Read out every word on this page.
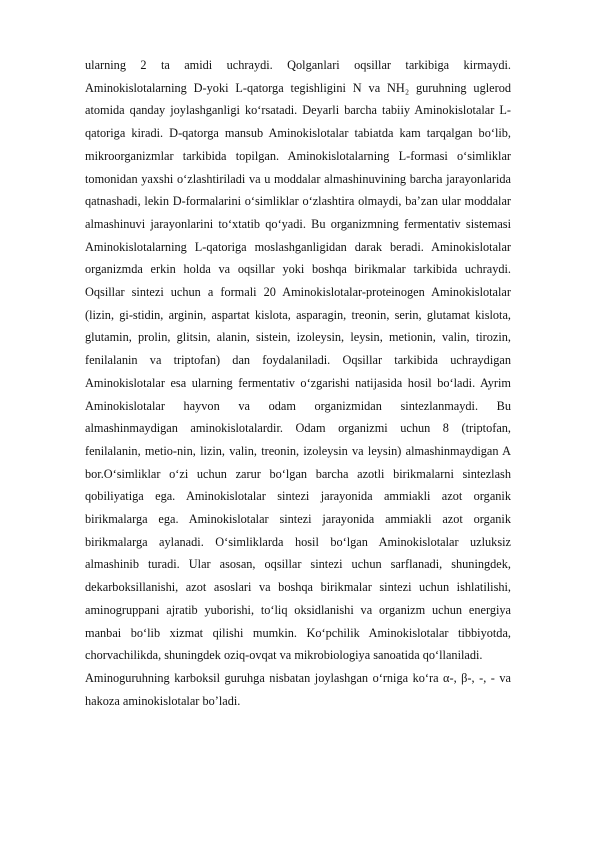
ularning 2 ta amidi uchraydi. Qolganlari oqsillar tarkibiga kirmaydi. Aminokislotalarning D-yoki L-qatorga tegishligini N va NH₂ guruhning uglerod atomida qanday joylashganligi ko‘rsatadi. Deyarli barcha tabiiy Aminokislotalar L-qatoriga kiradi. D-qatorga mansub Aminokislotalar tabiatda kam tarqalgan bo‘lib, mikroorganizmlar tarkibida topilgan. Aminokislotalarning L-formasi o‘simliklar tomonidan yaxshi o‘zlashtiriladi va u moddalar almashinuvining barcha jarayonlarida qatnashadi, lekin D-formalarini o‘simliklar o‘zlashtira olmaydi, ba’zan ular moddalar almashinuvi jarayonlarini to‘xtatib qo‘yadi. Bu organizmning fermentativ sistemasi Aminokislotalarning L-qatoriga moslashganligidan darak beradi. Aminokislotalar organizmda erkin holda va oqsillar yoki boshqa birikmalar tarkibida uchraydi. Oqsillar sintezi uchun a formali 20 Aminokislotalar-proteinogen Aminokislotalar (lizin, gi-stidin, arginin, aspartat kislota, asparagin, treonin, serin, glutamat kislota, glutamin, prolin, glitsin, alanin, sistein, izoleysin, leysin, metionin, valin, tirozin, fenilalanin va triptofan) dan foydalaniladi. Oqsillar tarkibida uchraydigan Aminokislotalar esa ularning fermentativ o‘zgarishi natijasida hosil bo‘ladi. Ayrim Aminokislotalar hayvon va odam organizmidan sintezlanmaydi. Bu almashinmaydigan aminokislotalardir. Odam organizmi uchun 8 (triptofan, fenilalanin, metio-nin, lizin, valin, treonin, izoleysin va leysin) almashinmaydigan A bor.O‘simliklar o‘zi uchun zarur bo‘lgan barcha azotli birikmalarni sintezlash qobiliyatiga ega. Aminokislotalar sintezi jarayonida ammiakli azot organik birikmalarga ega. Aminokislotalar sintezi jarayonida ammiakli azot organik birikmalarga aylanadi. O‘simliklarda hosil bo‘lgan Aminokislotalar uzluksiz almashinib turadi. Ular asosan, oqsillar sintezi uchun sarflanadi, shuningdek, dekarboksillanishi, azot asoslari va boshqa birikmalar sintezi uchun ishlatilishi, aminogruppani ajratib yuborishi, to‘liq oksidlanishi va organizm uchun energiya manbai bo‘lib xizmat qilishi mumkin. Ko‘pchilik Aminokislotalar tibbiyotda, chorvachilikda, shuningdek oziq-ovqat va mikrobiologiya sanoatida qo‘llaniladi.

Aminoguruhning karboksil guruhga nisbatan joylashgan o‘rniga ko‘ra α-, β-, -, - va hakoza aminokislotalar bo’ladi.
